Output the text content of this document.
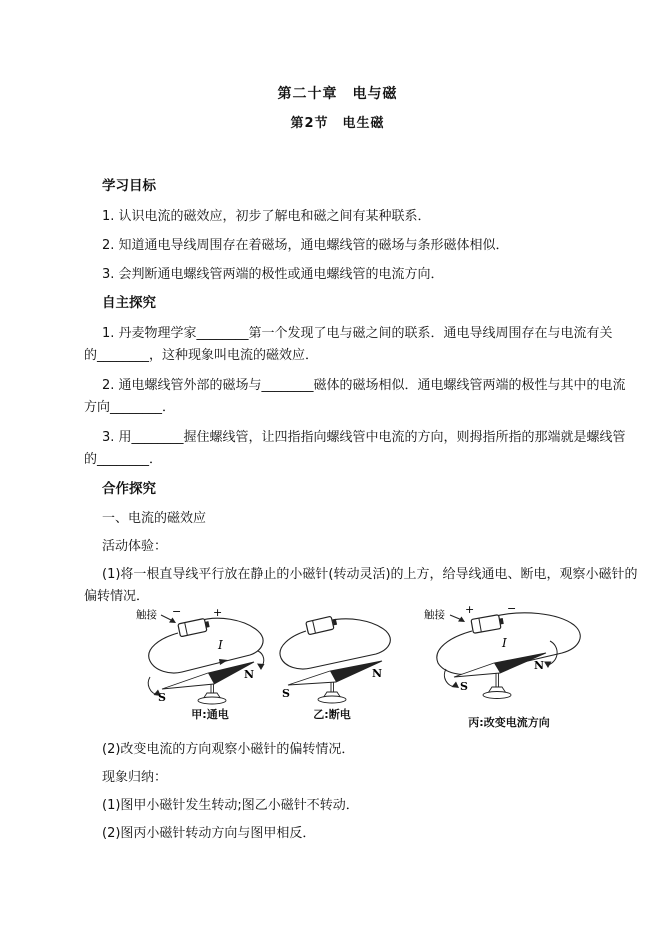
第二十章　电与磁
第2节　电生磁
学习目标

1. 认识电流的磁效应，初步了解电和磁之间有某种联系．

2. 知道通电导线周围存在着磁场，通电螺线管的磁场与条形磁体相似．

3. 会判断通电螺线管两端的极性或通电螺线管的电流方向．

自主探究

1. 丹麦物理学家________第一个发现了电与磁之间的联系．通电导线周围存在与电流有关

的________，这种现象叫电流的磁效应．

2. 通电螺线管外部的磁场与________磁体的磁场相似．通电螺线管两端的极性与其中的电流

方向________．

3. 用________握住螺线管，让四指指向螺线管中电流的方向，则拇指所指的那端就是螺线管

的________．

合作探究

一、电流的磁效应

活动体验：

(1)将一根直导线平行放在静止的小磁针(转动灵活)的上方，给导线通电、断电，观察小磁针的

偏转情况．

−	+
触接
I
S
N
甲:通电
S
N
乙:断电
+	−
触接
I
S
N
丙:改变电流方向

(2)改变电流的方向观察小磁针的偏转情况．

现象归纳：

(1)图甲小磁针发生转动;图乙小磁针不转动．

(2)图丙小磁针转动方向与图甲相反．
